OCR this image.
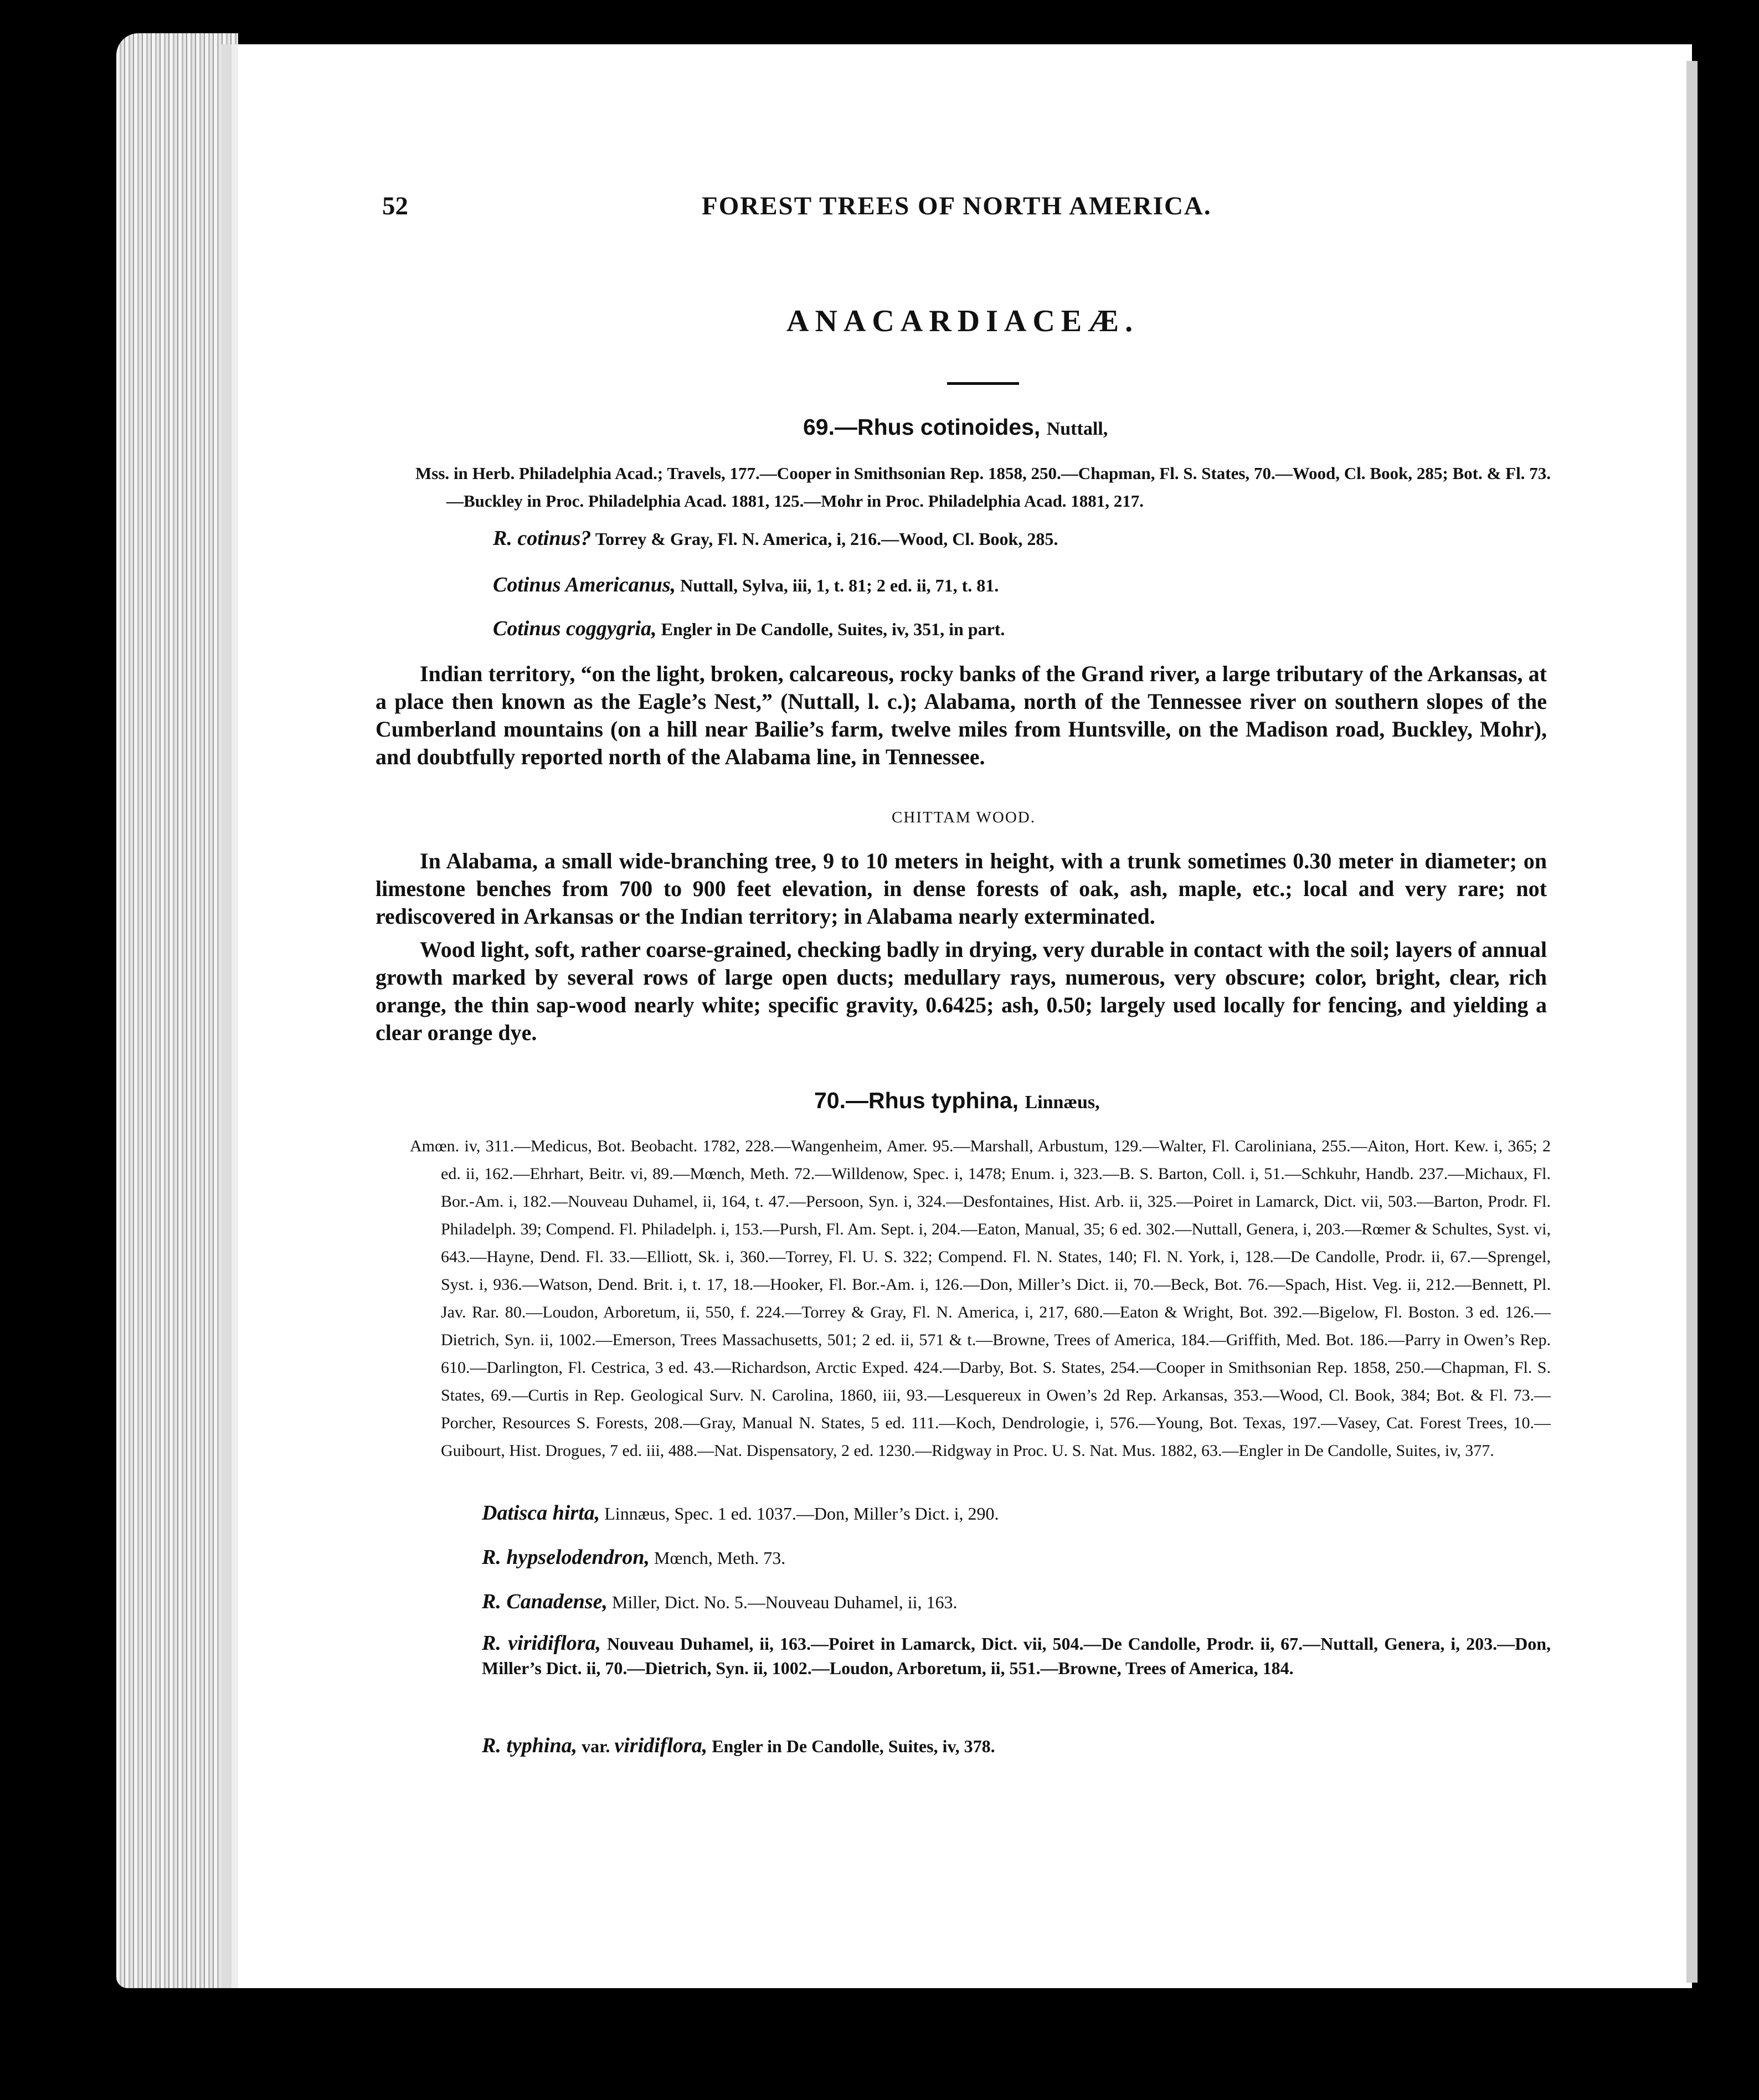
52	FOREST TREES OF NORTH AMERICA.
ANACARDIACEÆ.
69.—Rhus cotinoides, Nuttall,
Mss. in Herb. Philadelphia Acad.; Travels, 177.—Cooper in Smithsonian Rep. 1858, 250.—Chapman, Fl. S. States, 70.—Wood, Cl. Book, 285; Bot. & Fl. 73.—Buckley in Proc. Philadelphia Acad. 1881, 125.—Mohr in Proc. Philadelphia Acad. 1881, 217.
R. cotinus? Torrey & Gray, Fl. N. America, i, 216.—Wood, Cl. Book, 285.
Cotinus Americanus, Nuttall, Sylva, iii, 1, t. 81; 2 ed. ii, 71, t. 81.
Cotinus coggygria, Engler in De Candolle, Suites, iv, 351, in part.
Indian territory, “on the light, broken, calcareous, rocky banks of the Grand river, a large tributary of the Arkansas, at a place then known as the Eagle’s Nest,” (Nuttall, l. c.); Alabama, north of the Tennessee river on southern slopes of the Cumberland mountains (on a hill near Bailie’s farm, twelve miles from Huntsville, on the Madison road, Buckley, Mohr), and doubtfully reported north of the Alabama line, in Tennessee.
CHITTAM WOOD.
In Alabama, a small wide-branching tree, 9 to 10 meters in height, with a trunk sometimes 0.30 meter in diameter; on limestone benches from 700 to 900 feet elevation, in dense forests of oak, ash, maple, etc.; local and very rare; not rediscovered in Arkansas or the Indian territory; in Alabama nearly exterminated.
Wood light, soft, rather coarse-grained, checking badly in drying, very durable in contact with the soil; layers of annual growth marked by several rows of large open ducts; medullary rays, numerous, very obscure; color, bright, clear, rich orange, the thin sap-wood nearly white; specific gravity, 0.6425; ash, 0.50; largely used locally for fencing, and yielding a clear orange dye.
70.—Rhus typhina, Linnæus,
Amœn. iv, 311.—Medicus, Bot. Beobacht. 1782, 228.—Wangenheim, Amer. 95.—Marshall, Arbustum, 129.—Walter, Fl. Caroliniana, 255.—Aiton, Hort. Kew. i, 365; 2 ed. ii, 162.—Ehrhart, Beitr. vi, 89.—Mœnch, Meth. 72.—Willdenow, Spec. i, 1478; Enum. i, 323.—B. S. Barton, Coll. i, 51.—Schkuhr, Handb. 237.—Michaux, Fl. Bor.-Am. i, 182.—Nouveau Duhamel, ii, 164, t. 47.—Persoon, Syn. i, 324.—Desfontaines, Hist. Arb. ii, 325.—Poiret in Lamarck, Dict. vii, 503.—Barton, Prodr. Fl. Philadelph. 39; Compend. Fl. Philadelph. i, 153.—Pursh, Fl. Am. Sept. i, 204.—Eaton, Manual, 35; 6 ed. 302.—Nuttall, Genera, i, 203.—Rœmer & Schultes, Syst. vi, 643.—Hayne, Dend. Fl. 33.—Elliott, Sk. i, 360.—Torrey, Fl. U. S. 322; Compend. Fl. N. States, 140; Fl. N. York, i, 128.—De Candolle, Prodr. ii, 67.—Sprengel, Syst. i, 936.—Watson, Dend. Brit. i, t. 17, 18.—Hooker, Fl. Bor.-Am. i, 126.—Don, Miller’s Dict. ii, 70.—Beck, Bot. 76.—Spach, Hist. Veg. ii, 212.—Bennett, Pl. Jav. Rar. 80.—Loudon, Arboretum, ii, 550, f. 224.—Torrey & Gray, Fl. N. America, i, 217, 680.—Eaton & Wright, Bot. 392.—Bigelow, Fl. Boston. 3 ed. 126.—Dietrich, Syn. ii, 1002.—Emerson, Trees Massachusetts, 501; 2 ed. ii, 571 & t.—Browne, Trees of America, 184.—Griffith, Med. Bot. 186.—Parry in Owen’s Rep. 610.—Darlington, Fl. Cestrica, 3 ed. 43.—Richardson, Arctic Exped. 424.—Darby, Bot. S. States, 254.—Cooper in Smithsonian Rep. 1858, 250.—Chapman, Fl. S. States, 69.—Curtis in Rep. Geological Surv. N. Carolina, 1860, iii, 93.—Lesquereux in Owen’s 2d Rep. Arkansas, 353.—Wood, Cl. Book, 384; Bot. & Fl. 73.—Porcher, Resources S. Forests, 208.—Gray, Manual N. States, 5 ed. 111.—Koch, Dendrologie, i, 576.—Young, Bot. Texas, 197.—Vasey, Cat. Forest Trees, 10.—Guibourt, Hist. Drogues, 7 ed. iii, 488.—Nat. Dispensatory, 2 ed. 1230.—Ridgway in Proc. U. S. Nat. Mus. 1882, 63.—Engler in De Candolle, Suites, iv, 377.
Datisca hirta, Linnæus, Spec. 1 ed. 1037.—Don, Miller’s Dict. i, 290.
R. hypselodendron, Mœnch, Meth. 73.
R. Canadense, Miller, Dict. No. 5.—Nouveau Duhamel, ii, 163.
R. viridiflora, Nouveau Duhamel, ii, 163.—Poiret in Lamarck, Dict. vii, 504.—De Candolle, Prodr. ii, 67.—Nuttall, Genera, i, 203.—Don, Miller’s Dict. ii, 70.—Dietrich, Syn. ii, 1002.—Loudon, Arboretum, ii, 551.—Browne, Trees of America, 184.
R. typhina, var. viridiflora, Engler in De Candolle, Suites, iv, 378.
